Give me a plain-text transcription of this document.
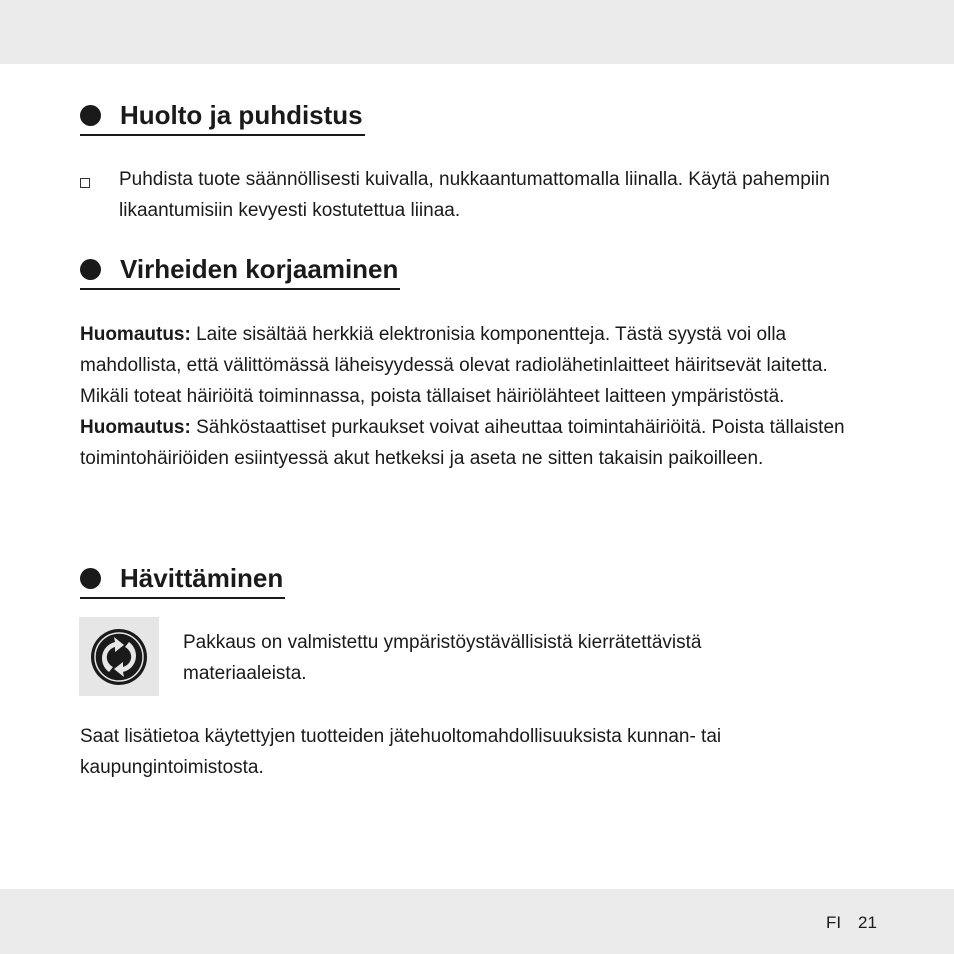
Huolto ja puhdistus
Puhdista tuote säännöllisesti kuivalla, nukkaantumattomalla liinalla. Käytä pahempiin likaantumisiin kevyesti kostutettua liinaa.
Virheiden korjaaminen
Huomautus: Laite sisältää herkkiä elektronisia komponentteja. Tästä syystä voi olla mahdollista, että välittömässä läheisyydessä olevat radiolähetinlaitteet häiritsevät laitetta. Mikäli toteat häiriöitä toiminnassa, poista tällaiset häiriölähteet laitteen ympäristöstä.
Huomautus: Sähköstaattiset purkaukset voivat aiheuttaa toimintahäiriöitä. Poista tällaisten toimintohäiriöiden esiintyessä akut hetkeksi ja aseta ne sitten takaisin paikoilleen.
Hävittäminen
Pakkaus on valmistettu ympäristöystävällisistä kierrätettävistä materiaaleista.
Saat lisätietoa käytettyjen tuotteiden jätehuoltomahdollisuuksista kunnan- tai kaupungintoimistosta.
FI 21
